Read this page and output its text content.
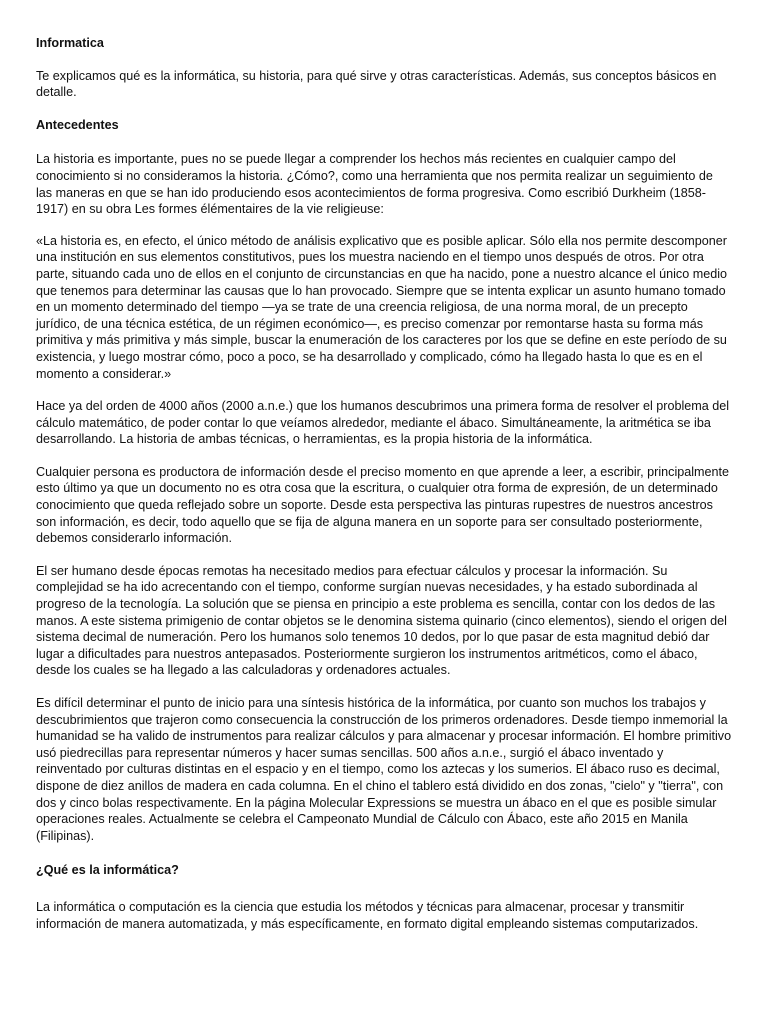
Informatica

Te explicamos qué es la informática, su historia, para qué sirve y otras características. Además, sus conceptos básicos en detalle.

Antecedentes

La historia es importante, pues no se puede llegar a comprender los hechos más recientes en cualquier campo del conocimiento si no consideramos la historia. ¿Cómo?, como una herramienta que nos permita realizar un seguimiento de las maneras en que se han ido produciendo esos acontecimientos de forma progresiva. Como escribió Durkheim (1858-1917) en su obra Les formes élémentaires de la vie religieuse:

«La historia es, en efecto, el único método de análisis explicativo que es posible aplicar. Sólo ella nos permite descomponer una institución en sus elementos constitutivos, pues los muestra naciendo en el tiempo unos después de otros. Por otra parte, situando cada uno de ellos en el conjunto de circunstancias en que ha nacido, pone a nuestro alcance el único medio que tenemos para determinar las causas que lo han provocado. Siempre que se intenta explicar un asunto humano tomado en un momento determinado del tiempo —ya se trate de una creencia religiosa, de una norma moral, de un precepto jurídico, de una técnica estética, de un régimen económico—, es preciso comenzar por remontarse hasta su forma más primitiva y más primitiva y más simple, buscar la enumeración de los caracteres por los que se define en este período de su existencia, y luego mostrar cómo, poco a poco, se ha desarrollado y complicado, cómo ha llegado hasta lo que es en el momento a considerar.»

Hace ya del orden de 4000 años (2000 a.n.e.) que los humanos descubrimos una primera forma de resolver el problema del cálculo matemático, de poder contar lo que veíamos alrededor, mediante el ábaco. Simultáneamente, la aritmética se iba desarrollando. La historia de ambas técnicas, o herramientas, es la propia historia de la informática.

Cualquier persona es productora de información desde el preciso momento en que aprende a leer, a escribir, principalmente esto último ya que un documento no es otra cosa que la escritura, o cualquier otra forma de expresión, de un determinado conocimiento que queda reflejado sobre un soporte. Desde esta perspectiva las pinturas rupestres de nuestros ancestros son información, es decir, todo aquello que se fija de alguna manera en un soporte para ser consultado posteriormente, debemos considerarlo información.

El ser humano desde épocas remotas ha necesitado medios para efectuar cálculos y procesar la información. Su complejidad se ha ido acrecentando con el tiempo, conforme surgían nuevas necesidades, y ha estado subordinada al progreso de la tecnología. La solución que se piensa en principio a este problema es sencilla, contar con los dedos de las manos. A este sistema primigenio de contar objetos se le denomina sistema quinario (cinco elementos), siendo el origen del sistema decimal de numeración. Pero los humanos solo tenemos 10 dedos, por lo que pasar de esta magnitud debió dar lugar a dificultades para nuestros antepasados. Posteriormente surgieron los instrumentos aritméticos, como el ábaco, desde los cuales se ha llegado a las calculadoras y ordenadores actuales.

Es difícil determinar el punto de inicio para una síntesis histórica de la informática, por cuanto son muchos los trabajos y descubrimientos que trajeron como consecuencia la construcción de los primeros ordenadores. Desde tiempo inmemorial la humanidad se ha valido de instrumentos para realizar cálculos y para almacenar y procesar información. El hombre primitivo usó piedrecillas para representar números y hacer sumas sencillas. 500 años a.n.e., surgió el ábaco inventado y reinventado por culturas distintas en el espacio y en el tiempo, como los aztecas y los sumerios. El ábaco ruso es decimal, dispone de diez anillos de madera en cada columna. En el chino el tablero está dividido en dos zonas, "cielo" y "tierra", con dos y cinco bolas respectivamente. En la página Molecular Expressions se muestra un ábaco en el que es posible simular operaciones reales. Actualmente se celebra el Campeonato Mundial de Cálculo con Ábaco, este año 2015 en Manila (Filipinas).

¿Qué es la informática?

La informática o computación es la ciencia que estudia los métodos y técnicas para almacenar, procesar y transmitir información de manera automatizada, y más específicamente, en formato digital empleando sistemas computarizados.
